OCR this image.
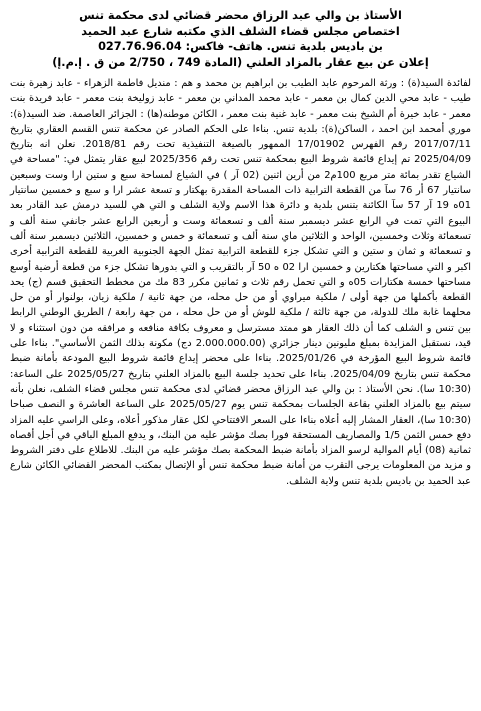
الأستاذ بن والي عبد الرزاق محضر قضائي لدى محكمة تنس
اختصاص مجلس قضاء الشلف الذي مكتبه شارع عبد الحميد
بن باديس بلدية تنس. هاتف- فاكس: 027.76.96.04
إعلان عن بيع عقار بالمزاد العلني (المادة 749 ، 2/750 من ق . إ.م.إ)

لفائدة السيد(ة) : ورثة المرحوم عابد الطيب بن ابراهيم بن محمد و هم : منديل فاطمة الزهراء - عابد زهيرة بنت طيب - عابد محي الدين كمال بن معمر - عابد محمد المداني بن معمر - عابد زوليخة بنت معمر - عابد فريدة بنت معمر - عابد خيرة أم الشيخ بنت معمر - عابد غنية بنت معمر ، الكائن موطنه(ها) : الجزائر العاصمة. ضد السيد(ة): موري أمحمد ابن احمد ، الساكن(ة): بلدية تنس. بناءا على الحكم الصادر عن محكمة تنس القسم العقاري بتاريخ 2017/07/11 رقم الفهرس 17/01902 الممهور بالصيغة التنفيذية تحت رقم 2018/81. نعلن انه بتاريخ 2025/04/09 تم إيداع قائمة شروط البيع بمحكمة تنس تحت رقم 2025/356 لبيع عقار يتمثل في: "مساحة في الشياع تقدر بمائة متر مربع 100م2 من أرين اثنين (02 آر ) في الشياع لمساحة سبع و ستين ارا وست وسبعين سانتيار 67 أر 76 سآ من القطعة الترابية ذات المساحة المقدرة بهكتار و تسعة عشر ارا و سبع و خمسين سانتيار 01ه 19 آر 57 سآ الكائنة بتنس بلدية و دائرة هذا الاسم ولاية الشلف و التي هي للسيد درمش عبد القادر بعد البيوع التي تمت في الرابع عشر ديسمبر سنة ألف و تسعمائة وست و أربعين الرابع عشر جانفي سنة ألف و تسعمائة وثلاث وخمسين، الواحد و الثلاثين ماي سنة ألف و تسعمائة و خمس و خمسين، الثلاثين ديسمبر سنة ألف و تسعمائة و ثمان و ستين و التي تشكل جزء للقطعة الترابية تمثل الجهة الجنوبية الغربية للقطعة الترابية أخرى اكبر و التي مساحتها هكتارين و خمسين ارا 02 ه 50 آر بالتقريب و التي بدورها تشكل جزء من قطعة أرضية أوسع مساحتها خمسة هكتارات 05ه و التي تحمل رقم ثلاث و ثمانين مكرر 83 مك من مخطط التحقيق قسم (ج) يحد القطعة بأكملها من جهة أولى / ملكية ميراوي أو من حل محله، من جهة ثانية / ملكية زيان، بولنوار أو من حل محلهما غابة ملك للدولة، من جهة ثالثة / ملكية للوش أو من حل محله ، من جهة رابعة / الطريق الوطني الرابط بين تنس و الشلف كما أن ذلك العقار هو ممتد مسترسل و معروف بكافة منافعه و مرافقه من دون استثناء و لا قيد، نستقبل المزايدة بمبلغ مليونين دينار جزائري (2.000.000.00 دج) مكونة بذلك الثمن الأساسي". بناءا على قائمة شروط البيع المؤرخة في 2025/01/26. بناءا على محضر إيداع قائمة شروط البيع المودعة بأمانة ضبط محكمة تنس بتاريخ 2025/04/09. بناءا على تحديد جلسة البيع بالمزاد العلني بتاريخ 2025/05/27 على الساعة: (10:30 سا). نحن الأستاذ : بن والي عبد الرزاق محضر قضائي لدى محكمة تنس مجلس قضاء الشلف، نعلن بأنه سيتم بيع بالمزاد العلني بقاعة الجلسات بمحكمة تنس يوم 2025/05/27 على الساعة العاشرة و النصف صباحا (10:30 سا)، العقار المشار إليه أعلاه بناءا على السعر الافتتاحي لكل عقار مذكور أعلاه، وعلى الراسي عليه المزاد دفع خمس الثمن 1/5 والمصاريف المستحقة فورا بصك مؤشر عليه من البنك، و يدفع المبلغ الباقي في أجل أقصاه ثمانية (08) أيام الموالية لرسو المزاد بأمانة ضبط المحكمة بصك مؤشر عليه من البنك. للاطلاع على دفتر الشروط و مزيد من المعلومات يرجى التقرب من أمانة ضبط محكمة تنس أو الإتصال بمكتب المحضر القضائي الكائن شارع عبد الحميد بن باديس بلدية تنس ولاية الشلف.
